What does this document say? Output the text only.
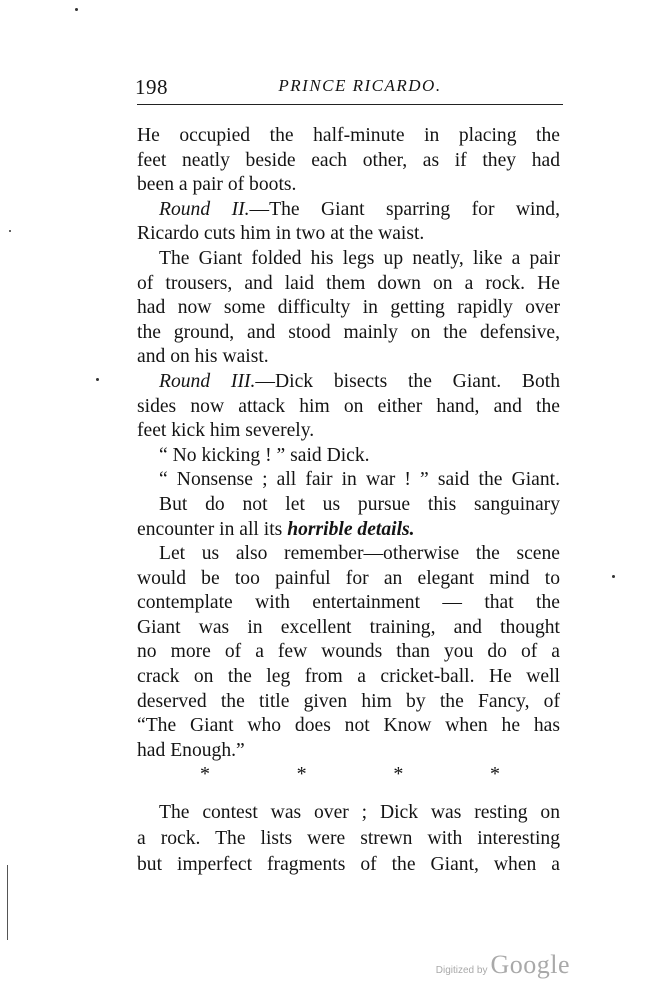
198	PRINCE RICARDO.

He occupied the half-minute in placing the

feet neatly beside each other, as if they had

been a pair of boots.

Round II.—The Giant sparring for wind,

Ricardo cuts him in two at the waist.

The Giant folded his legs up neatly, like a pair

of trousers, and laid them down on a rock. He

had now some difficulty in getting rapidly over

the ground, and stood mainly on the defensive,

and on his waist.

Round III.—Dick bisects the Giant. Both

sides now attack him on either hand, and the

feet kick him severely.

“ No kicking ! ” said Dick.

“ Nonsense ; all fair in war ! ” said the Giant.

But do not let us pursue this sanguinary

encounter in all its horrible details.

Let us also remember—otherwise the scene

would be too painful for an elegant mind to

contemplate with entertainment — that the

Giant was in excellent training, and thought

no more of a few wounds than you do of a

crack on the leg from a cricket-ball. He well

deserved the title given him by the Fancy, of

“The Giant who does not Know when he has

had Enough.”

*	*	*	*

The contest was over ; Dick was resting on

a rock. The lists were strewn with interesting

but imperfect fragments of the Giant, when a

Digitized by Google
